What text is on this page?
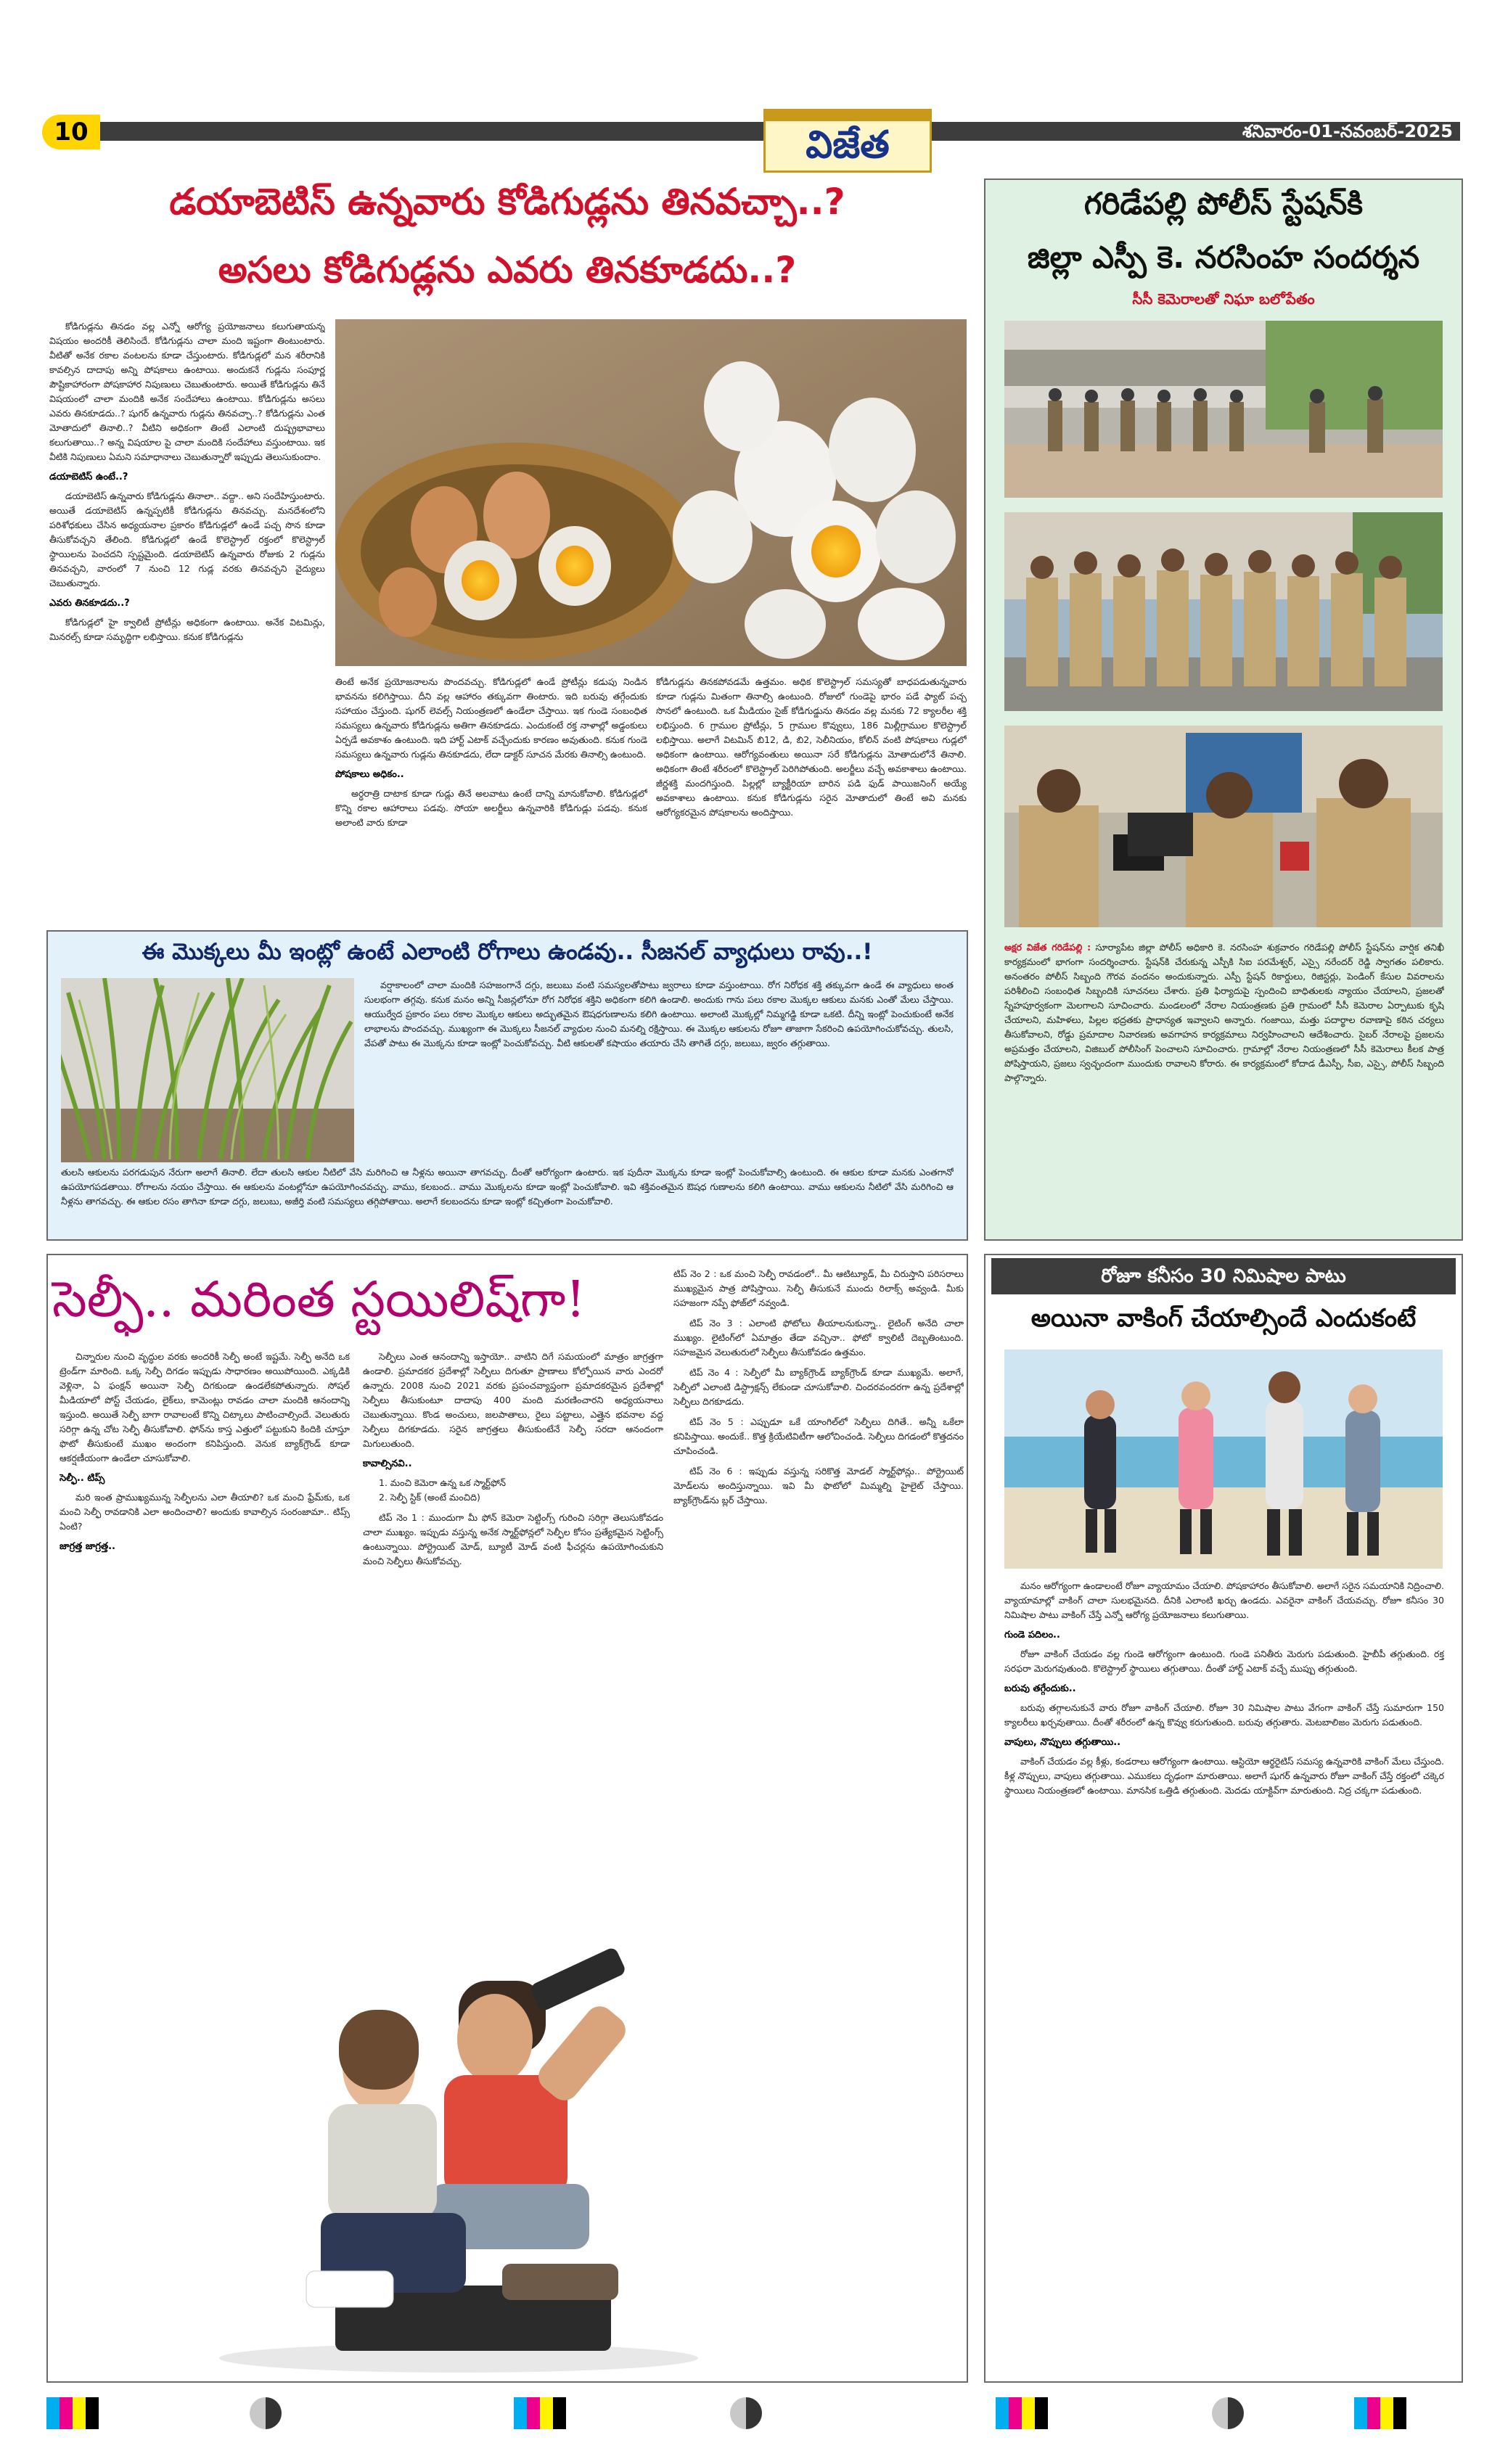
10	విజేత	శనివారం-01-నవంబర్-2025
డయాబెటిస్ ఉన్నవారు కోడిగుడ్లను తినవచ్చా..?
అసలు కోడిగుడ్లను ఎవరు తినకూడదు..?

కోడిగుడ్లను తినడం వల్ల ఎన్నో ఆరోగ్య ప్రయోజనాలు కలుగుతాయన్న విషయం అందరికీ తెలిసిందే. కోడిగుడ్లను చాలా మంది ఇష్టంగా తింటుంటారు. వీటితో అనేక రకాల వంటలను కూడా చేస్తుంటారు. కోడిగుడ్లలో మన శరీరానికి కావల్సిన దాదాపు అన్ని పోషకాలు ఉంటాయి. అందుకనే గుడ్లను సంపూర్ణ పౌష్టికాహారంగా పోషకాహార నిపుణులు చెబుతుంటారు. అయితే కోడిగుడ్లను తినే విషయంలో చాలా మందికి అనేక సందేహాలు ఉంటాయి. కోడిగుడ్లను అసలు ఎవరు తినకూడదు..? షుగర్ ఉన్నవారు గుడ్లను తినవచ్చా..? కోడిగుడ్లను ఎంత మోతాదులో తినాలి..? వీటిని అధికంగా తింటే ఎలాంటి దుష్ప్రభావాలు కలుగుతాయి..? అన్న విషయాల పై చాలా మందికి సందేహాలు వస్తుంటాయి. ఇక వీటికి నిపుణులు ఏమని సమాధానాలు చెబుతున్నారో ఇప్పుడు తెలుసుకుందాం.

డయాబెటిస్ ఉంటే..?

డయాబెటిస్ ఉన్నవారు కోడిగుడ్లను తినాలా.. వద్దా.. అని సందేహిస్తుంటారు. అయితే డయాబెటిస్ ఉన్నప్పటికీ కోడిగుడ్లను తినవచ్చు. మనదేశంలోని పరిశోధకులు చేసిన అధ్యయనాల ప్రకారం కోడిగుడ్లలో ఉండే పచ్చ సొన కూడా తీసుకోవచ్చని తేలింది. కోడిగుడ్లలో ఉండే కొలెస్ట్రాల్ రక్తంలో కొలెస్ట్రాల్ స్థాయిలను పెంచదని స్పష్టమైంది. డయాబెటిస్ ఉన్నవారు రోజుకు 2 గుడ్లను తినవచ్చని, వారంలో 7 నుంచి 12 గుడ్ల వరకు తినవచ్చని వైద్యులు చెబుతున్నారు.

ఎవరు తినకూడదు..?

కోడిగుడ్లలో హై క్వాలిటీ ప్రోటీన్లు అధికంగా ఉంటాయి. అనేక విటమిన్లు, మినరల్స్ కూడా సమృద్ధిగా లభిస్తాయి. కనుక కోడిగుడ్లను

తింటే అనేక ప్రయోజనాలను పొందవచ్చు. కోడిగుడ్లలో ఉండే ప్రోటీన్లు కడుపు నిండిన భావనను కలిగిస్తాయి. దీని వల్ల ఆహారం తక్కువగా తింటారు. ఇది బరువు తగ్గేందుకు సహాయం చేస్తుంది. షుగర్ లెవల్స్ నియంత్రణలో ఉండేలా చేస్తాయి. ఇక గుండె సంబంధిత సమస్యలు ఉన్నవారు కోడిగుడ్లను అతిగా తినకూడదు. ఎందుకంటే రక్త నాళాల్లో అడ్డంకులు ఏర్పడే అవకాశం ఉంటుంది. ఇది హార్ట్ ఎటాక్ వచ్చేందుకు కారణం అవుతుంది. కనుక గుండె సమస్యలు ఉన్నవారు గుడ్లను తినకూడదు, లేదా డాక్టర్ సూచన మేరకు తినాల్సి ఉంటుంది.

పోషకాలు అధికం..

అర్ధరాత్రి దాటాక కూడా గుడ్లు తినే అలవాటు ఉంటే దాన్ని మానుకోవాలి. కోడిగుడ్లలో కొన్ని రకాల ఆహారాలు పడవు. సోయా అలర్జీలు ఉన్నవారికి కోడిగుడ్లు పడవు. కనుక అలాంటి వారు కూడా

కోడిగుడ్లను తినకపోవడమే ఉత్తమం. అధిక కొలెస్ట్రాల్ సమస్యతో బాధపడుతున్నవారు కూడా గుడ్లను మితంగా తినాల్సి ఉంటుంది. రోజులో గుండెపై భారం పడే ఫ్యాట్ పచ్చ సొనలో ఉంటుంది. ఒక మీడియం సైజ్ కోడిగుడ్డును తినడం వల్ల మనకు 72 క్యాలరీల శక్తి లభిస్తుంది. 6 గ్రాముల ప్రోటీన్లు, 5 గ్రాముల కొవ్వులు, 186 మిల్లీగ్రాముల కొలెస్ట్రాల్ లభిస్తాయి. అలాగే విటమిన్ బి12, డి, బి2, సెలీనియం, కోలిన్ వంటి పోషకాలు గుడ్లలో అధికంగా ఉంటాయి. ఆరోగ్యవంతులు అయినా సరే కోడిగుడ్లను మోతాదులోనే తినాలి. అధికంగా తింటే శరీరంలో కొలెస్ట్రాల్ పెరిగిపోతుంది. అలర్జీలు వచ్చే అవకాశాలు ఉంటాయి. జీర్ణశక్తి మందగిస్తుంది. పిల్లల్లో బ్యాక్టీరియా బారిన పడి ఫుడ్ పాయిజనింగ్ అయ్యే అవకాశాలు ఉంటాయి. కనుక కోడిగుడ్లను సరైన మోతాదులో తింటే అవి మనకు ఆరోగ్యకరమైన పోషకాలను అందిస్తాయి.

గరిడేపల్లి పోలీస్ స్టేషన్‌కి
జిల్లా ఎస్పీ కె. నరసింహ సందర్శన
సీసీ కెమెరాలతో నిఘా బలోపేతం
అక్షర విజేత గరిడేపల్లి : సూర్యాపేట జిల్లా పోలీస్ అధికారి కె. నరసింహ శుక్రవారం గరిడేపల్లి పోలీస్ స్టేషన్‌ను వార్షిక తనిఖీ కార్యక్రమంలో భాగంగా సందర్శించారు. స్టేషన్‌కి చేరుకున్న ఎస్పీకి సిఐ పరమేశ్వర్, ఎస్సై నరేందర్ రెడ్డి స్వాగతం పలికారు. అనంతరం పోలీస్ సిబ్బంది గౌరవ వందనం అందుకున్నారు. ఎస్పీ స్టేషన్ రికార్డులు, రిజిస్టర్లు, పెండింగ్ కేసుల వివరాలను పరిశీలించి సంబంధిత సిబ్బందికి సూచనలు చేశారు. ప్రతి ఫిర్యాదుపై స్పందించి బాధితులకు న్యాయం చేయాలని, ప్రజలతో స్నేహపూర్వకంగా మెలగాలని సూచించారు. మండలంలో నేరాల నియంత్రణకు ప్రతి గ్రామంలో సీసీ కెమెరాల ఏర్పాటుకు కృషి చేయాలని, మహిళలు, పిల్లల భద్రతకు ప్రాధాన్యత ఇవ్వాలని అన్నారు. గంజాయి, మత్తు పదార్థాల రవాణాపై కఠిన చర్యలు తీసుకోవాలని, రోడ్డు ప్రమాదాల నివారణకు అవగాహన కార్యక్రమాలు నిర్వహించాలని ఆదేశించారు. సైబర్ నేరాలపై ప్రజలను అప్రమత్తం చేయాలని, విజిబుల్ పోలీసింగ్ పెంచాలని సూచించారు. గ్రామాల్లో నేరాల నియంత్రణలో సీసీ కెమెరాలు కీలక పాత్ర పోషిస్తాయని, ప్రజలు స్వచ్ఛందంగా ముందుకు రావాలని కోరారు. ఈ కార్యక్రమంలో కోదాడ డీఎస్పీ, సీఐ, ఎస్సై, పోలీస్ సిబ్బంది పాల్గొన్నారు.
ఈ మొక్కలు మీ ఇంట్లో ఉంటే ఎలాంటి రోగాలు ఉండవు.. సీజనల్ వ్యాధులు రావు..!
వర్షాకాలంలో చాలా మందికి సహజంగానే దగ్గు, జలుబు వంటి సమస్యలతోపాటు జ్వరాలు కూడా వస్తుంటాయి. రోగ నిరోధక శక్తి తక్కువగా ఉండే ఈ వ్యాధులు అంత సులభంగా తగ్గవు. కనుక మనం అన్ని సీజన్లలోనూ రోగ నిరోధక శక్తిని అధికంగా కలిగి ఉండాలి. అందుకు గాను పలు రకాల మొక్కల ఆకులు మనకు ఎంతో మేలు చేస్తాయి. ఆయుర్వేద ప్రకారం పలు రకాల మొక్కల ఆకులు అద్భుతమైన ఔషధగుణాలను కలిగి ఉంటాయి. అలాంటి మొక్కల్లో నిమ్మగడ్డి కూడా ఒకటి. దీన్ని ఇంట్లో పెంచుకుంటే అనేక లాభాలను పొందవచ్చు. ముఖ్యంగా ఈ మొక్కలు సీజనల్ వ్యాధుల నుంచి మనల్ని రక్షిస్తాయి. ఈ మొక్కల ఆకులను రోజూ తాజాగా సేకరించి ఉపయోగించుకోవచ్చు. తులసి, వేపతో పాటు ఈ మొక్కను కూడా ఇంట్లో పెంచుకోవచ్చు. వీటి ఆకులతో కషాయం తయారు చేసి తాగితే దగ్గు, జలుబు, జ్వరం తగ్గుతాయి.
తులసి ఆకులను పరగడుపున నేరుగా అలాగే తినాలి. లేదా తులసి ఆకుల నీటిలో వేసి మరిగించి ఆ నీళ్లను అయినా తాగవచ్చు. దీంతో ఆరోగ్యంగా ఉంటారు. ఇక పుదీనా మొక్కను కూడా ఇంట్లో పెంచుకోవాల్సి ఉంటుంది. ఈ ఆకుల కూడా మనకు ఎంతగానో ఉపయోగపడతాయి. రోగాలను నయం చేస్తాయి. ఈ ఆకులను వంటల్లోనూ ఉపయోగించవచ్చు. వాము, కలబంద.. వాము మొక్కలను కూడా ఇంట్లో పెంచుకోవాలి. ఇవి శక్తివంతమైన ఔషధ గుణాలను కలిగి ఉంటాయి. వాము ఆకులను నీటిలో వేసి మరిగించి ఆ నీళ్లను తాగవచ్చు. ఈ ఆకుల రసం తాగినా కూడా దగ్గు, జలుబు, అజీర్తి వంటి సమస్యలు తగ్గిపోతాయి. అలాగే కలబందను కూడా ఇంట్లో కచ్చితంగా పెంచుకోవాలి.
సెల్ఫీ.. మరింత స్టయిలిష్‌గా!

చిన్నారుల నుంచి వృద్ధుల వరకు అందరికీ సెల్ఫీ అంటే ఇష్టమే. సెల్ఫీ అనేది ఒక ట్రెండ్‌గా మారింది. ఒక్క సెల్ఫీ దిగడం ఇప్పుడు సాధారణం అయిపోయింది. ఎక్కడికి వెళ్లినా, ఏ ఫంక్షన్ అయినా సెల్ఫీ దిగకుండా ఉండలేకపోతున్నారు. సోషల్ మీడియాలో పోస్ట్ చేయడం, లైక్‌లు, కామెంట్లు రావడం చాలా మందికి ఆనందాన్ని ఇస్తుంది. అయితే సెల్ఫీ బాగా రావాలంటే కొన్ని చిట్కాలు పాటించాల్సిందే. వెలుతురు సరిగ్గా ఉన్న చోట సెల్ఫీ తీసుకోవాలి. ఫోన్‌ను కాస్త ఎత్తులో పట్టుకుని కిందికి చూస్తూ ఫొటో తీసుకుంటే ముఖం అందంగా కనిపిస్తుంది. వెనుక బ్యాక్‌గ్రౌండ్ కూడా ఆకర్షణీయంగా ఉండేలా చూసుకోవాలి.

సెల్ఫీ.. టిప్స్

మరి ఇంత ప్రాముఖ్యమున్న సెల్ఫీలను ఎలా తీయాలి? ఒక మంచి ఫ్రేమ్‌కు, ఒక మంచి సెల్ఫీ రావడానికి ఎలా అందించాలి? అందుకు కావాల్సిన సంరంజామా.. టిప్స్ ఏంటి?

జాగ్రత్త జాగ్రత్త..

సెల్ఫీలు ఎంత ఆనందాన్ని ఇస్తాయో.. వాటిని దిగే సమయంలో మాత్రం జాగ్రత్తగా ఉండాలి. ప్రమాదకర ప్రదేశాల్లో సెల్ఫీలు దిగుతూ ప్రాణాలు కోల్పోయిన వారు ఎందరో ఉన్నారు. 2008 నుంచి 2021 వరకు ప్రపంచవ్యాప్తంగా ప్రమాదకరమైన ప్రదేశాల్లో సెల్ఫీలు తీసుకుంటూ దాదాపు 400 మంది మరణించారని అధ్యయనాలు చెబుతున్నాయి. కొండ అంచులు, జలపాతాలు, రైలు పట్టాలు, ఎత్తైన భవనాల వద్ద సెల్ఫీలు దిగకూడదు. సరైన జాగ్రత్తలు తీసుకుంటేనే సెల్ఫీ సరదా ఆనందంగా మిగులుతుంది.

కావాల్సినవి..
1. మంచి కెమెరా ఉన్న ఒక స్మార్ట్‌ఫోన్
2. సెల్ఫీ స్టిక్ (అంటే మంచిది)

టిప్ నెం 1 : ముందుగా మీ ఫోన్ కెమెరా సెట్టింగ్స్ గురించి సరిగ్గా తెలుసుకోవడం చాలా ముఖ్యం. ఇప్పుడు వస్తున్న అనేక స్మార్ట్‌ఫోన్లలో సెల్ఫీల కోసం ప్రత్యేకమైన సెట్టింగ్స్ ఉంటున్నాయి. పోర్ట్రెయిట్ మోడ్, బ్యూటీ మోడ్ వంటి ఫీచర్లను ఉపయోగించుకుని మంచి సెల్ఫీలు తీసుకోవచ్చు.

టిప్ నెం 2 : ఒక మంచి సెల్ఫీ రావడంలో.. మీ ఆటిట్యూడ్, మీ చిరుస్తాని పరిసరాలు ముఖ్యమైన పాత్ర పోషిస్తాయి. సెల్ఫీ తీసుకునే ముందు రిలాక్స్ అవ్వండి. మీకు సహజంగా నప్పే ఫోజ్‌లో నవ్వండి.

టిప్ నెం 3 : ఎలాంటి ఫోటోలు తీయాలనుకున్నా.. లైటింగ్ అనేది చాలా ముఖ్యం. లైటింగ్‌లో ఏమాత్రం తేడా వచ్చినా.. ఫోటో క్వాలిటీ దెబ్బతింటుంది. సహజమైన వెలుతురులో సెల్ఫీలు తీసుకోవడం ఉత్తమం.

టిప్ నెం 4 : సెల్ఫీలో మీ బ్యాక్‌గ్రౌండ్ బ్యాక్‌గ్రౌండ్ కూడా ముఖ్యమే. అలాగే, సెల్ఫీలో ఎలాంటి డిస్ట్రాక్షన్స్ లేకుండా చూసుకోవాలి. చిందరవందరగా ఉన్న ప్రదేశాల్లో సెల్ఫీలు దిగకూడదు.

టిప్ నెం 5 : ఎప్పుడూ ఒకే యాంగిల్‌లో సెల్ఫీలు దిగితే.. అన్నీ ఒకేలా కనిపిస్తాయి. అందుకే.. కొత్త క్రియేటివిటీగా ఆలోచించండి. సెల్ఫీలు దిగడంలో కొత్తదనం చూపించండి.

టిప్ నెం 6 : ఇప్పుడు వస్తున్న సరికొత్త మోడల్ స్మార్ట్‌ఫోన్లు.. పోర్ట్రెయిట్ మోడ్‌లను అందిస్తున్నాయి. ఇవి మీ ఫొటోలో మిమ్మల్ని హైలైట్ చేస్తాయి. బ్యాక్‌గ్రౌండ్‌ను బ్లర్ చేస్తాయి.

రోజూ కనీసం 30 నిమిషాల పాటు
అయినా వాకింగ్ చేయాల్సిందే ఎందుకంటే

మనం ఆరోగ్యంగా ఉండాలంటే రోజూ వ్యాయామం చేయాలి. పోషకాహారం తీసుకోవాలి. అలాగే సరైన సమయానికి నిద్రించాలి. వ్యాయామాల్లో వాకింగ్ చాలా సులభమైనది. దీనికి ఎలాంటి ఖర్చు ఉండదు. ఎవరైనా వాకింగ్ చేయవచ్చు. రోజూ కనీసం 30 నిమిషాల పాటు వాకింగ్ చేస్తే ఎన్నో ఆరోగ్య ప్రయోజనాలు కలుగుతాయి.

గుండె పదిలం..

రోజూ వాకింగ్ చేయడం వల్ల గుండె ఆరోగ్యంగా ఉంటుంది. గుండె పనితీరు మెరుగు పడుతుంది. హైబీపీ తగ్గుతుంది. రక్త సరఫరా మెరుగవుతుంది. కొలెస్ట్రాల్ స్థాయిలు తగ్గుతాయి. దీంతో హార్ట్ ఎటాక్ వచ్చే ముప్పు తగ్గుతుంది.

బరువు తగ్గేందుకు..

బరువు తగ్గాలనుకునే వారు రోజూ వాకింగ్ చేయాలి. రోజూ 30 నిమిషాల పాటు వేగంగా వాకింగ్ చేస్తే సుమారుగా 150 క్యాలరీలు ఖర్చవుతాయి. దీంతో శరీరంలో ఉన్న కొవ్వు కరుగుతుంది. బరువు తగ్గుతారు. మెటబాలిజం మెరుగు పడుతుంది.

వాపులు, నొప్పులు తగ్గుతాయి..

వాకింగ్ చేయడం వల్ల కీళ్లు, కండరాలు ఆరోగ్యంగా ఉంటాయి. ఆస్టియో ఆర్థరైటిస్ సమస్య ఉన్నవారికి వాకింగ్ మేలు చేస్తుంది. కీళ్ల నొప్పులు, వాపులు తగ్గుతాయి. ఎముకలు దృఢంగా మారుతాయి. అలాగే షుగర్ ఉన్నవారు రోజూ వాకింగ్ చేస్తే రక్తంలో చక్కెర స్థాయిలు నియంత్రణలో ఉంటాయి. మానసిక ఒత్తిడి తగ్గుతుంది. మెదడు యాక్టివ్‌గా మారుతుంది. నిద్ర చక్కగా పడుతుంది.
